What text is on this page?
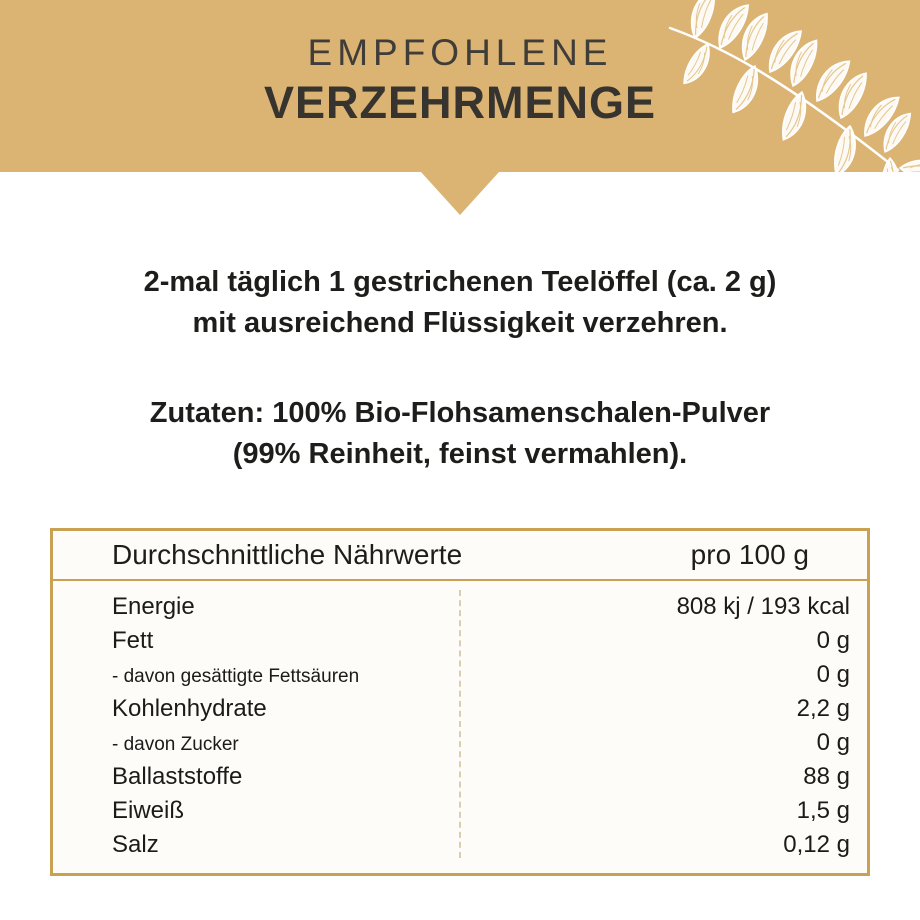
EMPFOHLENE
VERZEHRMENGE

2-mal täglich 1 gestrichenen Teelöffel (ca. 2 g)
mit ausreichend Flüssigkeit verzehren.

Zutaten: 100% Bio-Flohsamenschalen-Pulver
(99% Reinheit, feinst vermahlen).

Durchschnittliche Nährwerte	pro 100 g
Energie	808 kj / 193 kcal
Fett	0 g
- davon gesättigte Fettsäuren	0 g
Kohlenhydrate	2,2 g
- davon Zucker	0 g
Ballaststoffe	88 g
Eiweiß	1,5 g
Salz	0,12 g
